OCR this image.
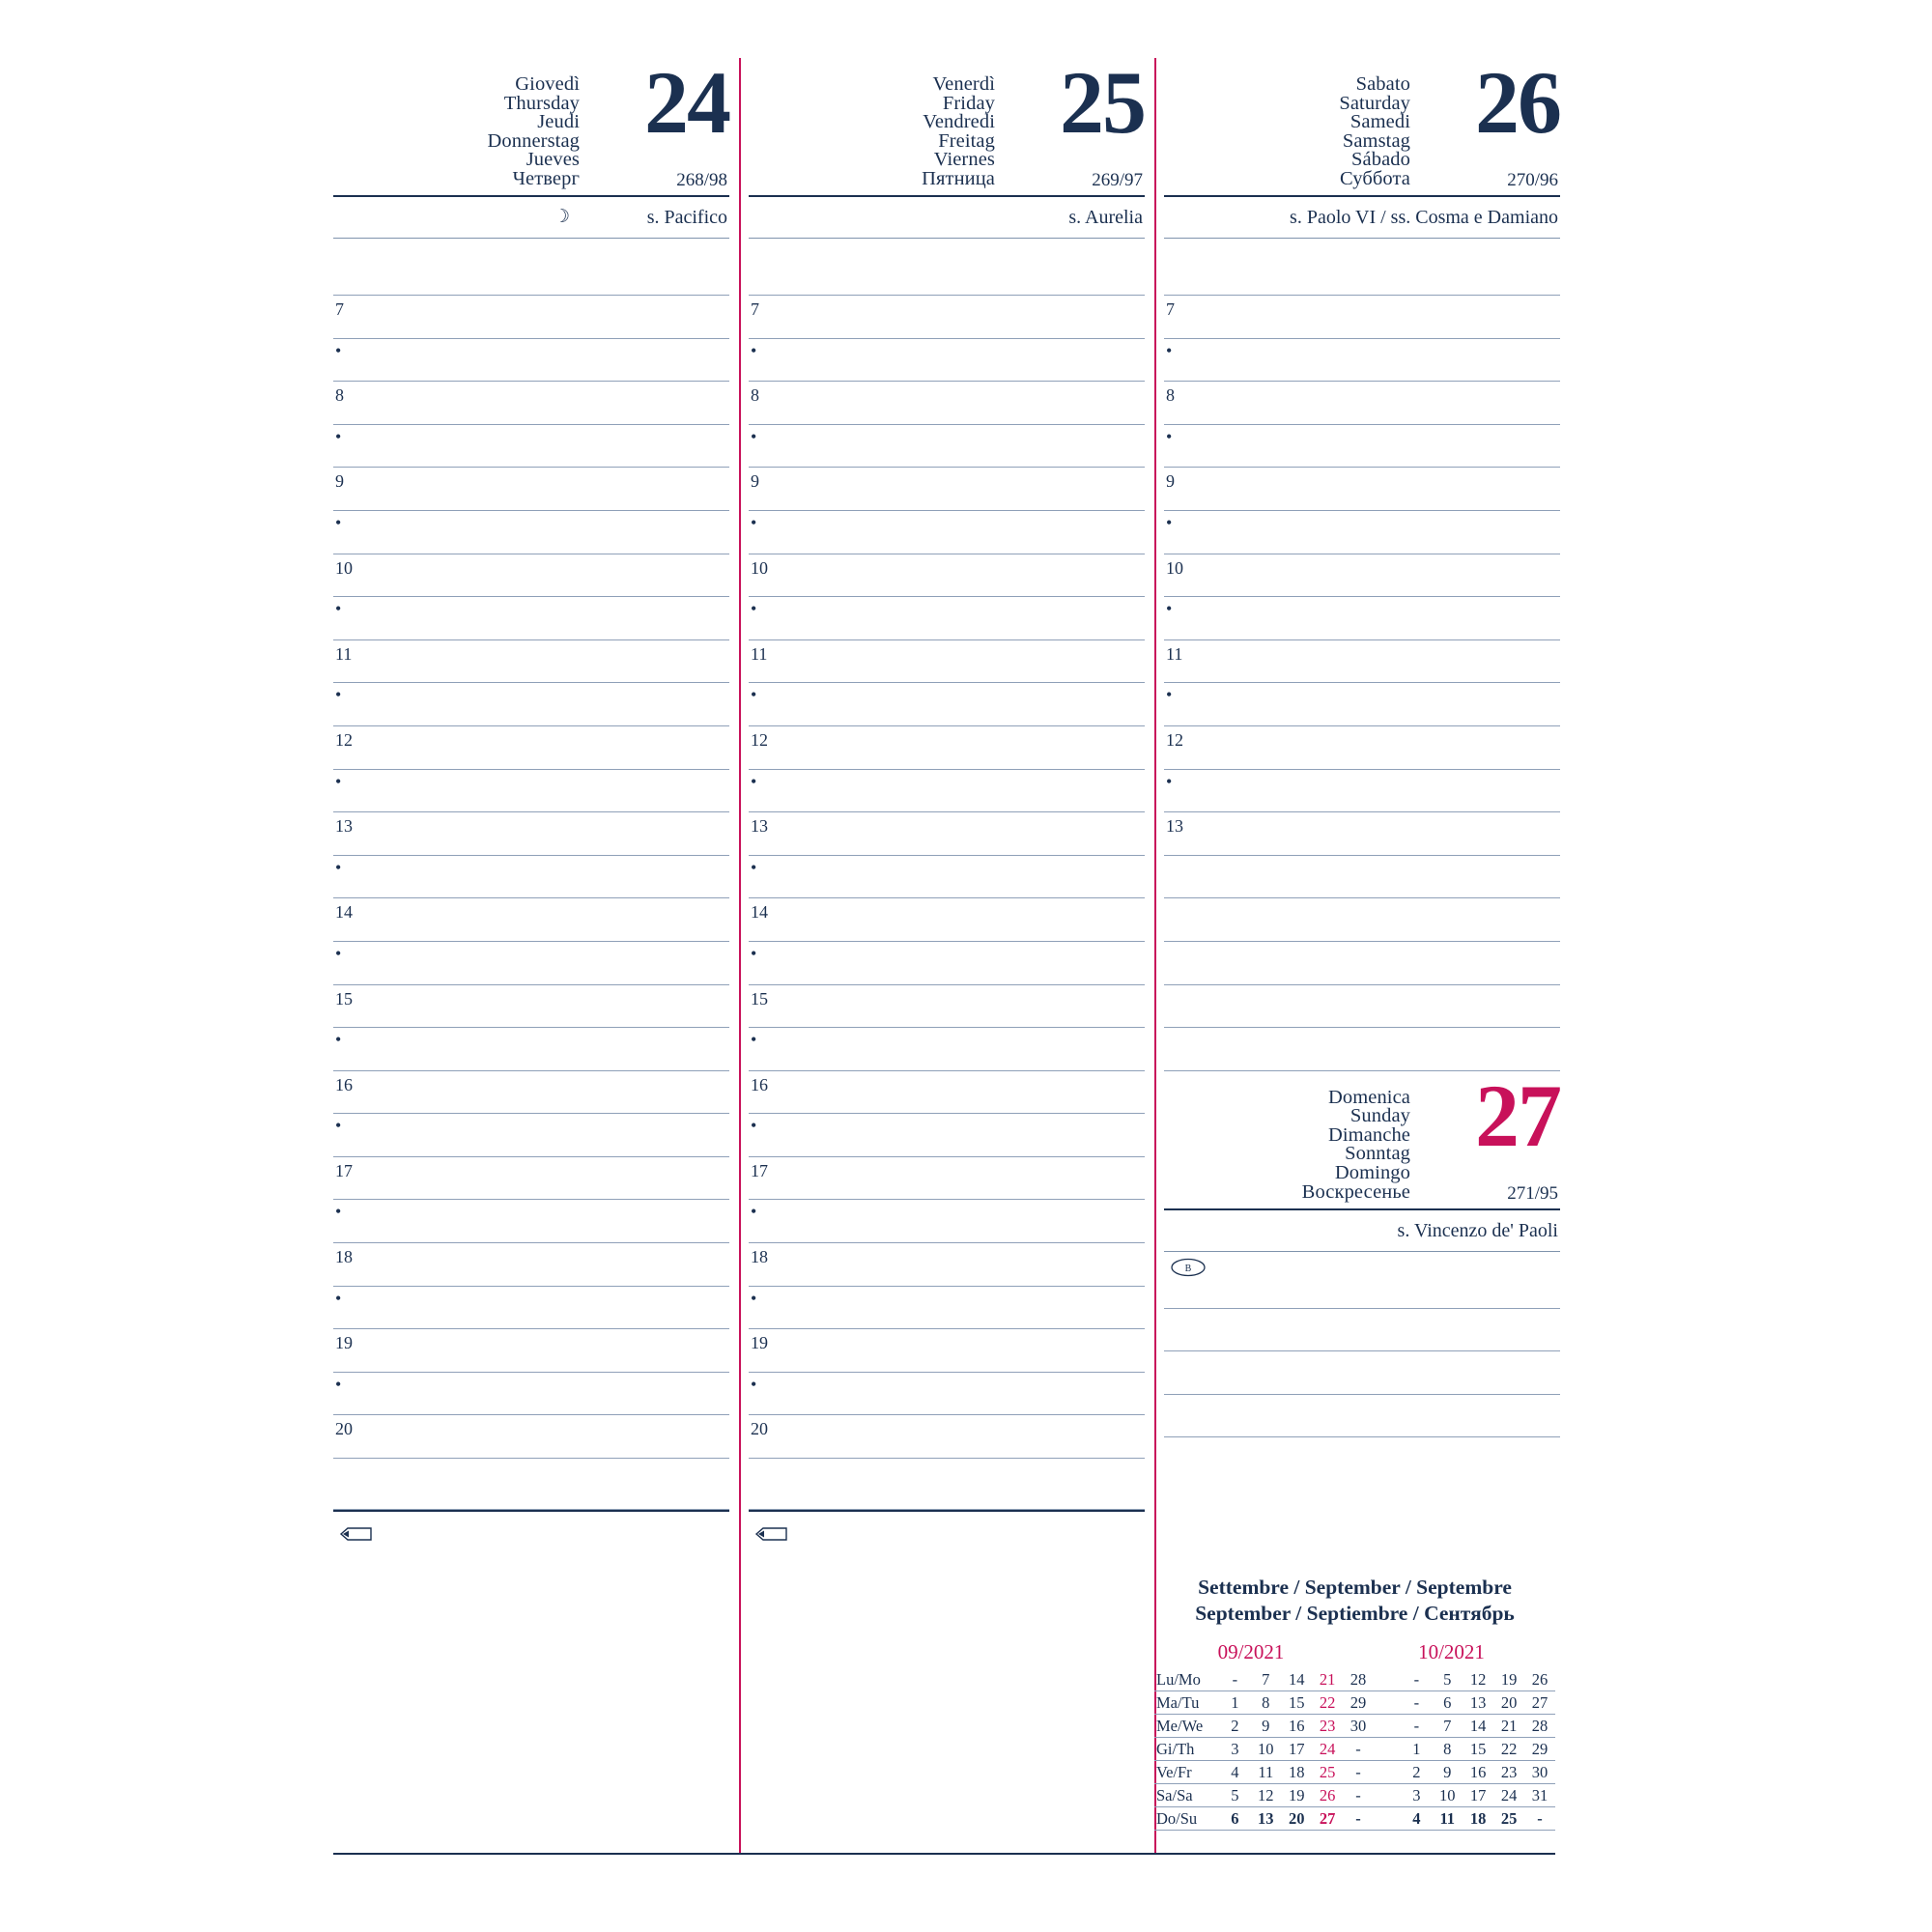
Giovedì
Thursday
Jeudi
Donnerstag
Jueves
Четверг
24
268/98
☽	s. Pacifico
7
•
8
•
9
•
10
•
11
•
12
•
13
•
14
•
15
•
16
•
17
•
18
•
19
•
20
Venerdì
Friday
Vendredi
Freitag
Viernes
Пятница
25
269/97
s. Aurelia
7
•
8
•
9
•
10
•
11
•
12
•
13
•
14
•
15
•
16
•
17
•
18
•
19
•
20
Sabato
Saturday
Samedi
Samstag
Sábado
Суббота
26
270/96
s. Paolo VI / ss. Cosma e Damiano
7
•
8
•
9
•
10
•
11
•
12
•
13
Domenica
Sunday
Dimanche
Sonntag
Domingo
Воскресенье
27
271/95
s. Vincenzo de' Paoli
B
Settembre / September / Septembre
September / Septiembre / Сентябрь
09/2021	10/2021
Lu/Mo	-	7	14	21	28		-	5	12	19	26
Ma/Tu	1	8	15	22	29		-	6	13	20	27
Me/We	2	9	16	23	30		-	7	14	21	28
Gi/Th	3	10	17	24	-		1	8	15	22	29
Ve/Fr	4	11	18	25	-		2	9	16	23	30
Sa/Sa	5	12	19	26	-		3	10	17	24	31
Do/Su	6	13	20	27	-		4	11	18	25	-
